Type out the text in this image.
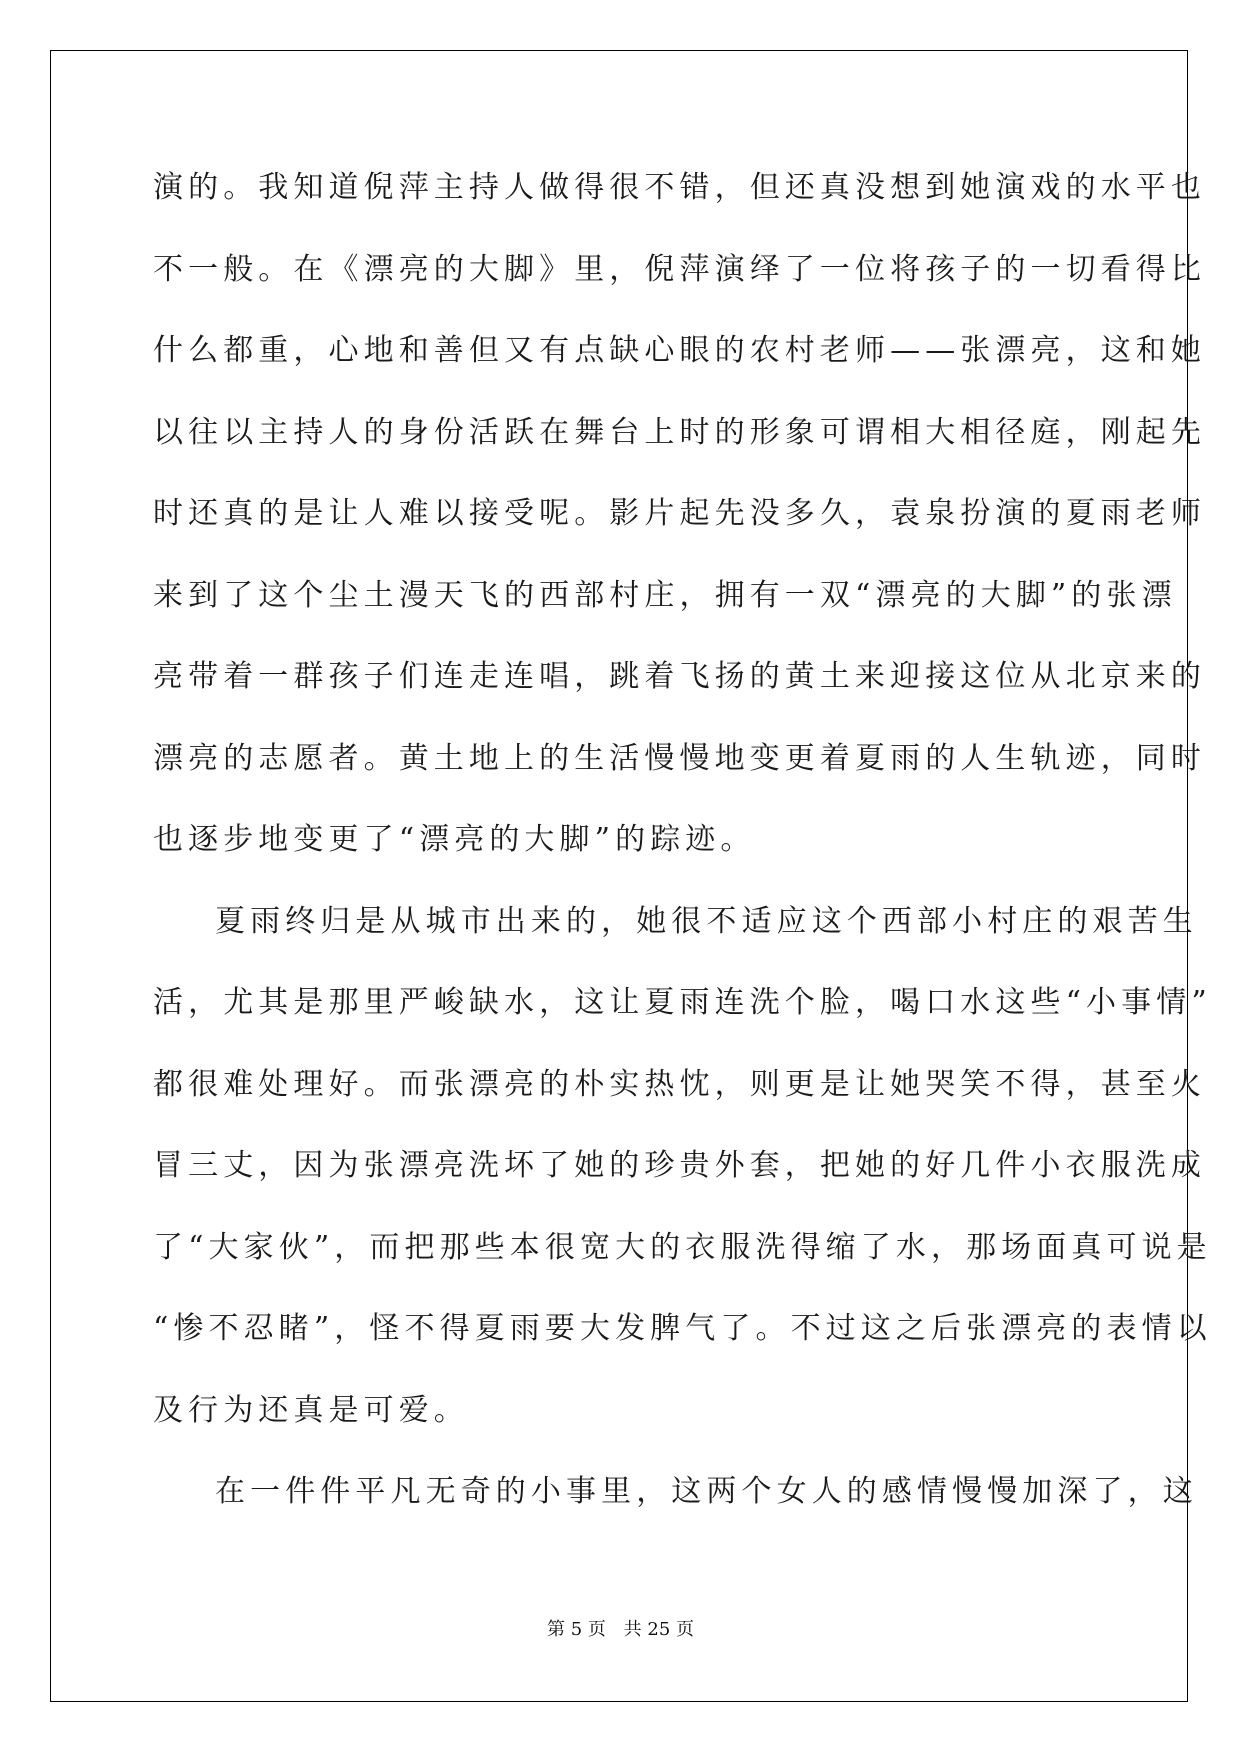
演的。我知道倪萍主持人做得很不错，但还真没想到她演戏的水平也
不一般。在《漂亮的大脚》里，倪萍演绎了一位将孩子的一切看得比
什么都重，心地和善但又有点缺心眼的农村老师——张漂亮，这和她
以往以主持人的身份活跃在舞台上时的形象可谓相大相径庭，刚起先
时还真的是让人难以接受呢。影片起先没多久，袁泉扮演的夏雨老师
来到了这个尘土漫天飞的西部村庄，拥有一双“漂亮的大脚”的张漂
亮带着一群孩子们连走连唱，跳着飞扬的黄土来迎接这位从北京来的
漂亮的志愿者。黄土地上的生活慢慢地变更着夏雨的人生轨迹，同时
也逐步地变更了“漂亮的大脚”的踪迹。
夏雨终归是从城市出来的，她很不适应这个西部小村庄的艰苦生
活，尤其是那里严峻缺水，这让夏雨连洗个脸，喝口水这些“小事情”
都很难处理好。而张漂亮的朴实热忱，则更是让她哭笑不得，甚至火
冒三丈，因为张漂亮洗坏了她的珍贵外套，把她的好几件小衣服洗成
了“大家伙”，而把那些本很宽大的衣服洗得缩了水，那场面真可说是
“惨不忍睹”，怪不得夏雨要大发脾气了。不过这之后张漂亮的表情以
及行为还真是可爱。
在一件件平凡无奇的小事里，这两个女人的感情慢慢加深了，这
第 5 页 共 25 页
